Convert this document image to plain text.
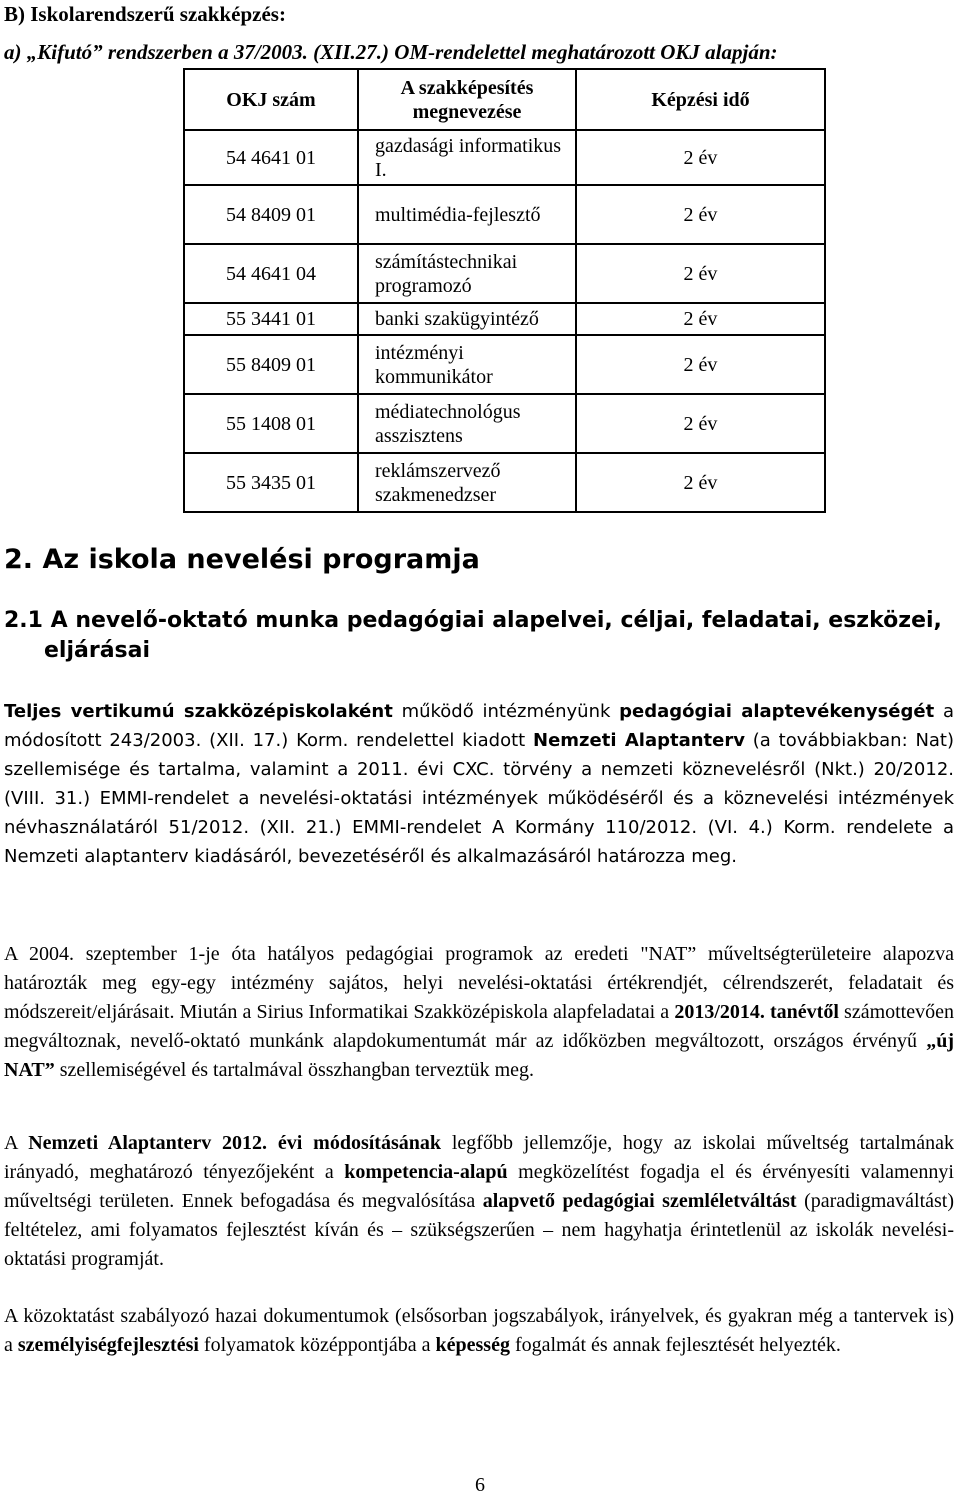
B) Iskolarendszerű szakképzés:
a) „Kifutó” rendszerben a 37/2003. (XII.27.) OM-rendelettel meghatározott OKJ alapján:
OKJ szám	A szakképesítés megnevezése	Képzési idő
54 4641 01	gazdasági informatikus I.	2 év
54 8409 01	multimédia-fejlesztő	2 év
54 4641 04	számítástechnikai programozó	2 év
55 3441 01	banki szakügyintéző	2 év
55 8409 01	intézményi kommunikátor	2 év
55 1408 01	médiatechnológus asszisztens	2 év
55 3435 01	reklámszervező szakmenedzser	2 év
2. Az iskola nevelési programja
2.1 A nevelő-oktató munka pedagógiai alapelvei, céljai, feladatai, eszközei, eljárásai
Teljes vertikumú szakközépiskolaként működő intézményünk pedagógiai alaptevékenységét a módosított 243/2003. (XII. 17.) Korm. rendelettel kiadott Nemzeti Alaptanterv (a továbbiakban: Nat) szellemisége és tartalma, valamint a 2011. évi CXC. törvény a nemzeti köznevelésről (Nkt.) 20/2012. (VIII. 31.) EMMI-rendelet a nevelési-oktatási intézmények működéséről és a köznevelési intézmények névhasználatáról 51/2012. (XII. 21.) EMMI-rendelet A Kormány 110/2012. (VI. 4.) Korm. rendelete a Nemzeti alaptanterv kiadásáról, bevezetéséről és alkalmazásáról határozza meg.
A 2004. szeptember 1-je óta hatályos pedagógiai programok az eredeti "NAT” műveltségterületeire alapozva határozták meg egy-egy intézmény sajátos, helyi nevelési-oktatási értékrendjét, célrendszerét, feladatait és módszereit/eljárásait. Miután a Sirius Informatikai Szakközépiskola alapfeladatai a 2013/2014. tanévtől számottevően megváltoznak, nevelő-oktató munkánk alapdokumentumát már az időközben megváltozott, országos érvényű „új NAT” szellemiségével és tartalmával összhangban terveztük meg.
A Nemzeti Alaptanterv 2012. évi módosításának legfőbb jellemzője, hogy az iskolai műveltség tartalmának irányadó, meghatározó tényezőjeként a kompetencia-alapú megközelítést fogadja el és érvényesíti valamennyi műveltségi területen. Ennek befogadása és megvalósítása alapvető pedagógiai szemléletváltást (paradigmaváltást) feltételez, ami folyamatos fejlesztést kíván és – szükségszerűen – nem hagyhatja érintetlenül az iskolák nevelési-oktatási programját.
A közoktatást szabályozó hazai dokumentumok (elsősorban jogszabályok, irányelvek, és gyakran még a tantervek is) a személyiségfejlesztési folyamatok középpontjába a képesség fogalmát és annak fejlesztését helyezték.
6
